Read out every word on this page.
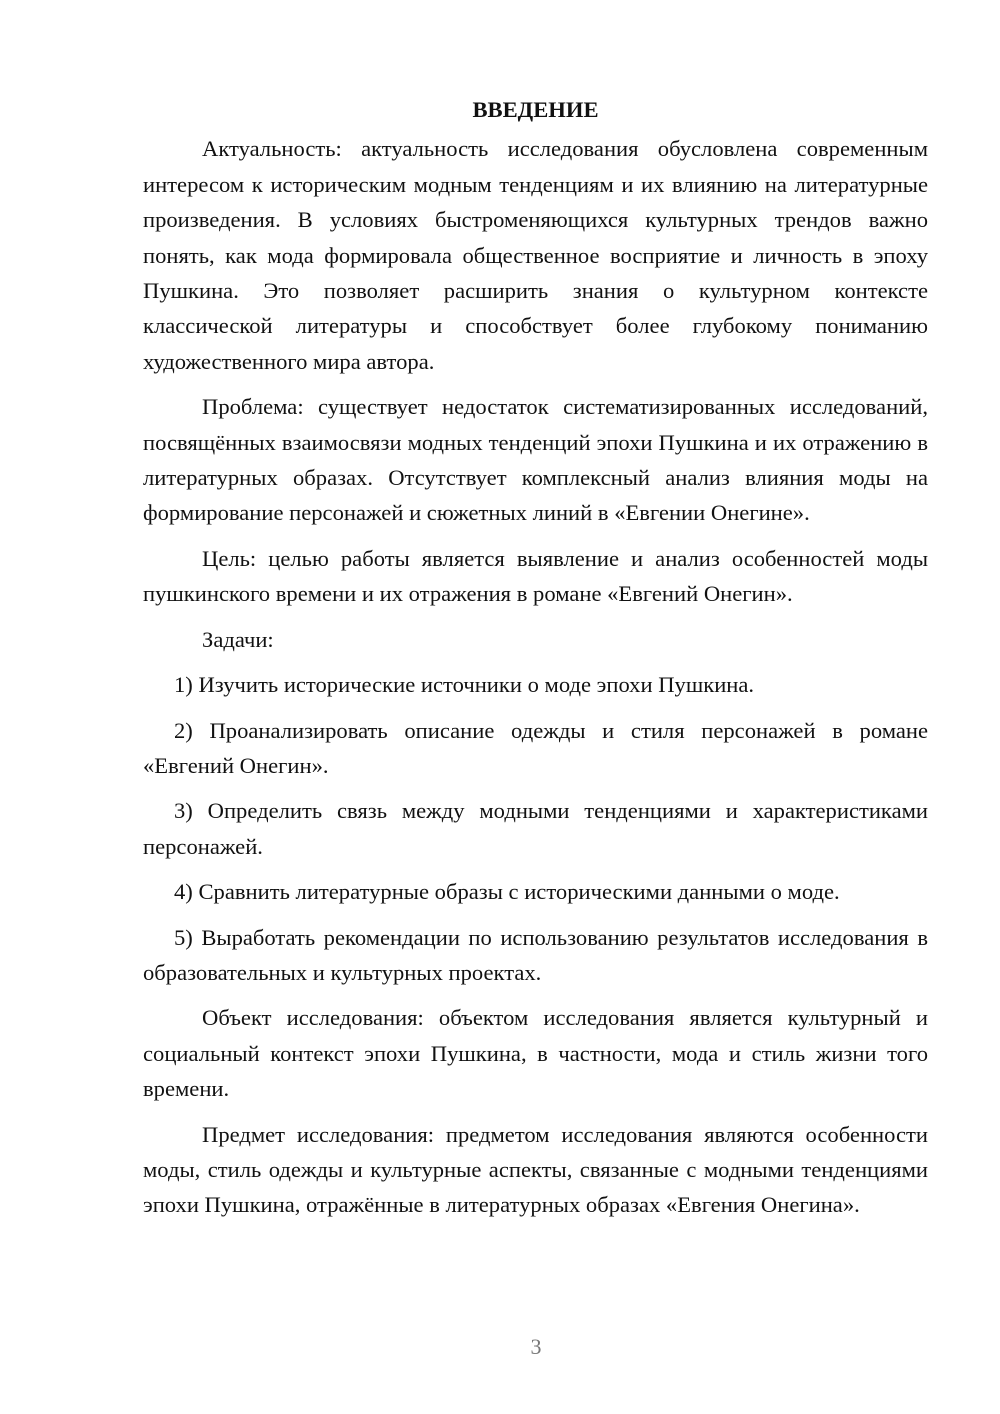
ВВЕДЕНИЕ

Актуальность: актуальность исследования обусловлена современным интересом к историческим модным тенденциям и их влиянию на литературные произведения. В условиях быстроменяющихся культурных трендов важно понять, как мода формировала общественное восприятие и личность в эпоху Пушкина. Это позволяет расширить знания о культурном контексте классической литературы и способствует более глубокому пониманию художественного мира автора.

Проблема: существует недостаток систематизированных исследований, посвящённых взаимосвязи модных тенденций эпохи Пушкина и их отражению в литературных образах. Отсутствует комплексный анализ влияния моды на формирование персонажей и сюжетных линий в «Евгении Онегине».

Цель: целью работы является выявление и анализ особенностей моды пушкинского времени и их отражения в романе «Евгений Онегин».

Задачи:

1) Изучить исторические источники о моде эпохи Пушкина.

2) Проанализировать описание одежды и стиля персонажей в романе «Евгений Онегин».

3) Определить связь между модными тенденциями и характеристиками персонажей.

4) Сравнить литературные образы с историческими данными о моде.

5) Выработать рекомендации по использованию результатов исследования в образовательных и культурных проектах.

Объект исследования: объектом исследования является культурный и социальный контекст эпохи Пушкина, в частности, мода и стиль жизни того времени.

Предмет исследования: предметом исследования являются особенности моды, стиль одежды и культурные аспекты, связанные с модными тенденциями эпохи Пушкина, отражённые в литературных образах «Евгения Онегина».

3
